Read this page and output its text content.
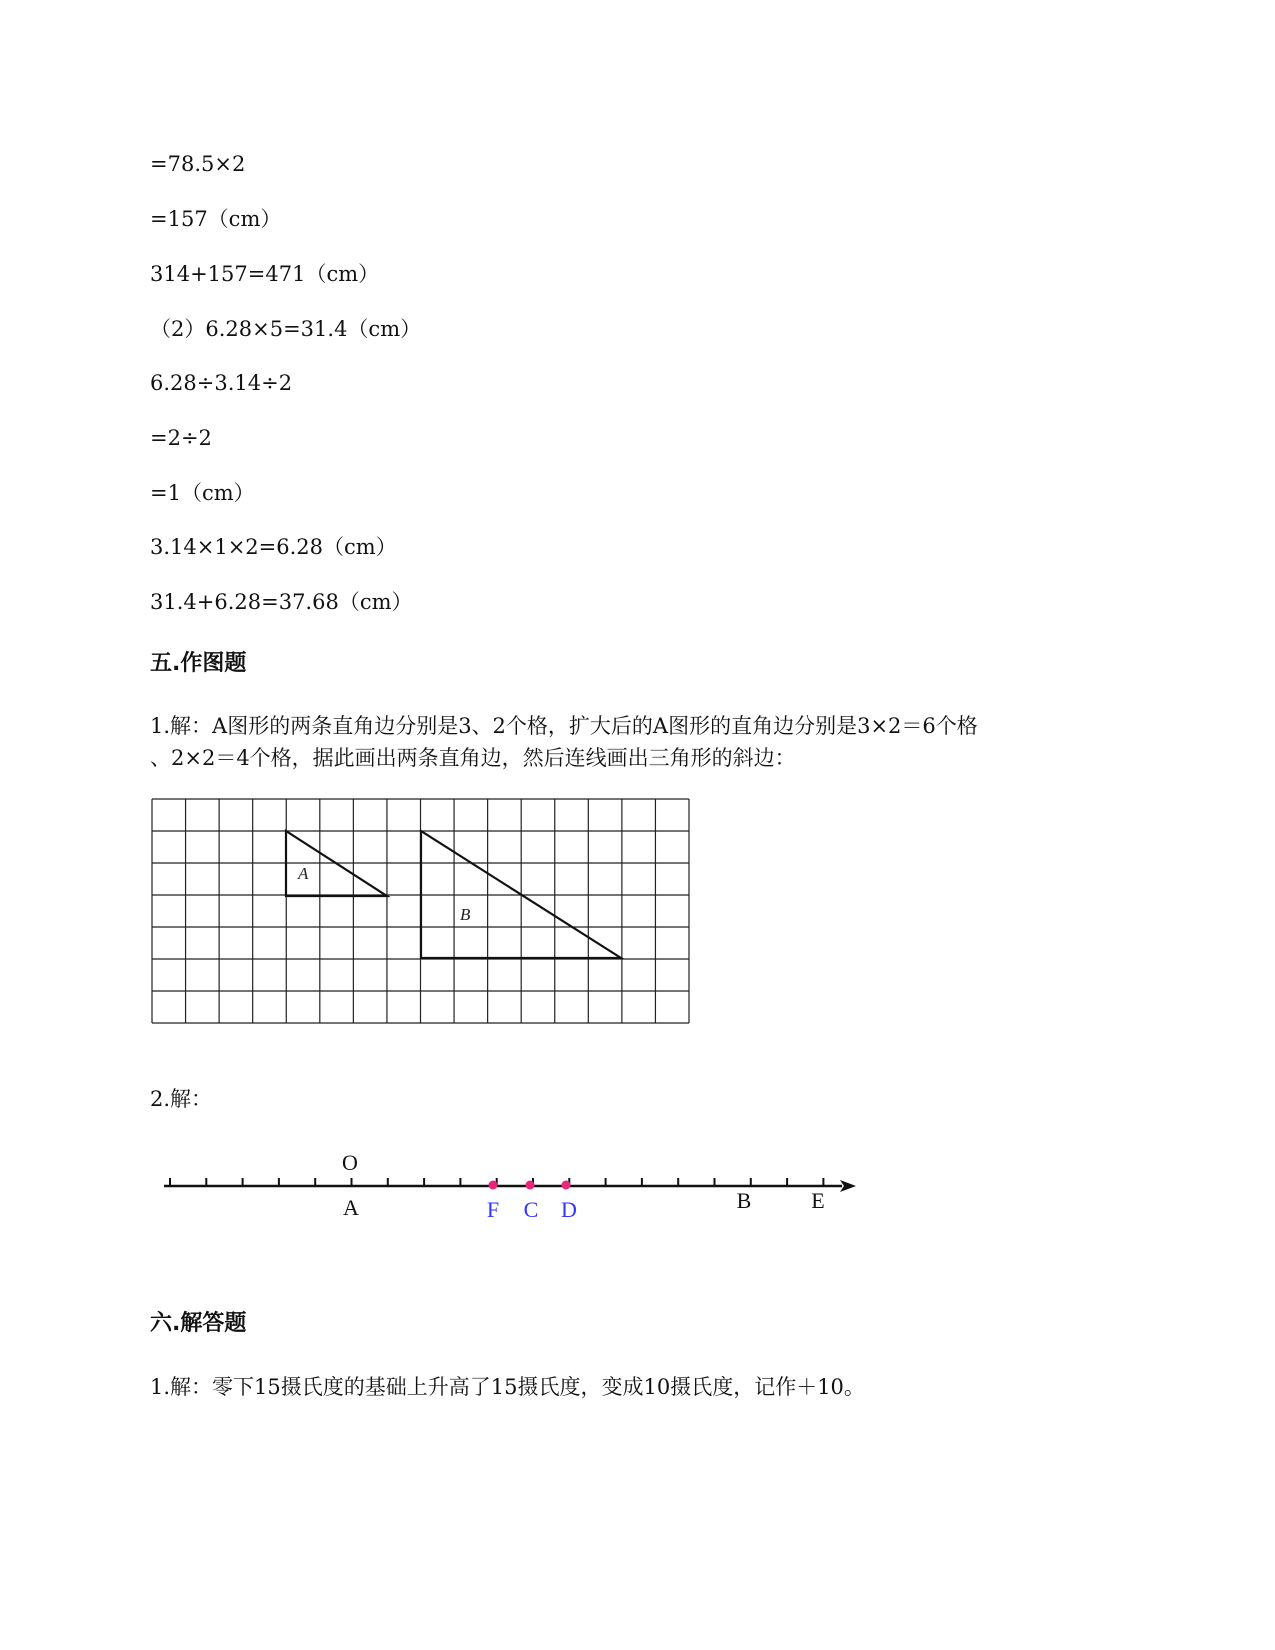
=78.5×2
=157（cm）
314+157=471（cm）
（2）6.28×5=31.4（cm）
6.28÷3.14÷2
=2÷2
=1（cm）
3.14×1×2=6.28（cm）
31.4+6.28=37.68（cm）
五.作图题
1.解：A图形的两条直角边分别是3、2个格，扩大后的A图形的直角边分别是3×2＝6个格
、2×2＝4个格，据此画出两条直角边，然后连线画出三角形的斜边：
A
B
2.解：
O
A	B	E
F C D
六.解答题
1.解：零下15摄氏度的基础上升高了15摄氏度，变成10摄氏度，记作＋10。
